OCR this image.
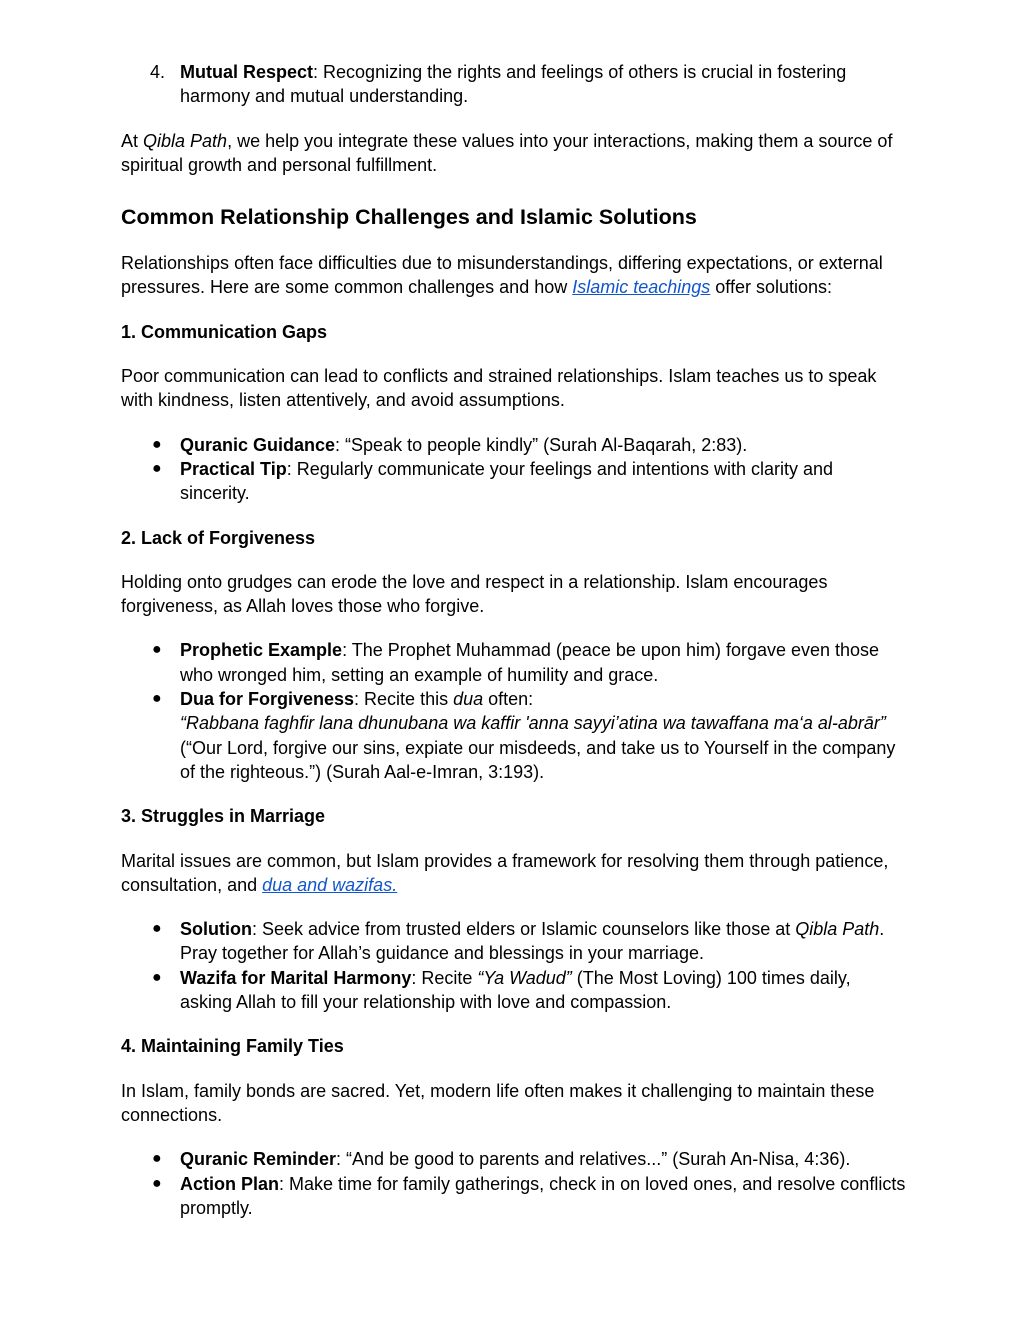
4. Mutual Respect: Recognizing the rights and feelings of others is crucial in fostering harmony and mutual understanding.

At Qibla Path, we help you integrate these values into your interactions, making them a source of spiritual growth and personal fulfillment.

Common Relationship Challenges and Islamic Solutions

Relationships often face difficulties due to misunderstandings, differing expectations, or external pressures. Here are some common challenges and how Islamic teachings offer solutions:

1. Communication Gaps

Poor communication can lead to conflicts and strained relationships. Islam teaches us to speak with kindness, listen attentively, and avoid assumptions.

● Quranic Guidance: “Speak to people kindly” (Surah Al-Baqarah, 2:83).
● Practical Tip: Regularly communicate your feelings and intentions with clarity and sincerity.
2. Lack of Forgiveness

Holding onto grudges can erode the love and respect in a relationship. Islam encourages forgiveness, as Allah loves those who forgive.

● Prophetic Example: The Prophet Muhammad (peace be upon him) forgave even those who wronged him, setting an example of humility and grace.
● Dua for Forgiveness: Recite this dua often:
“Rabbana faghfir lana dhunubana wa kaffir 'anna sayyi’atina wa tawaffana ma‘a al-abrār”
(“Our Lord, forgive our sins, expiate our misdeeds, and take us to Yourself in the company of the righteous.”) (Surah Aal-e-Imran, 3:193).
3. Struggles in Marriage

Marital issues are common, but Islam provides a framework for resolving them through patience, consultation, and dua and wazifas.

● Solution: Seek advice from trusted elders or Islamic counselors like those at Qibla Path. Pray together for Allah’s guidance and blessings in your marriage.
● Wazifa for Marital Harmony: Recite “Ya Wadud” (The Most Loving) 100 times daily, asking Allah to fill your relationship with love and compassion.
4. Maintaining Family Ties

In Islam, family bonds are sacred. Yet, modern life often makes it challenging to maintain these connections.

● Quranic Reminder: “And be good to parents and relatives...” (Surah An-Nisa, 4:36).
● Action Plan: Make time for family gatherings, check in on loved ones, and resolve conflicts promptly.
